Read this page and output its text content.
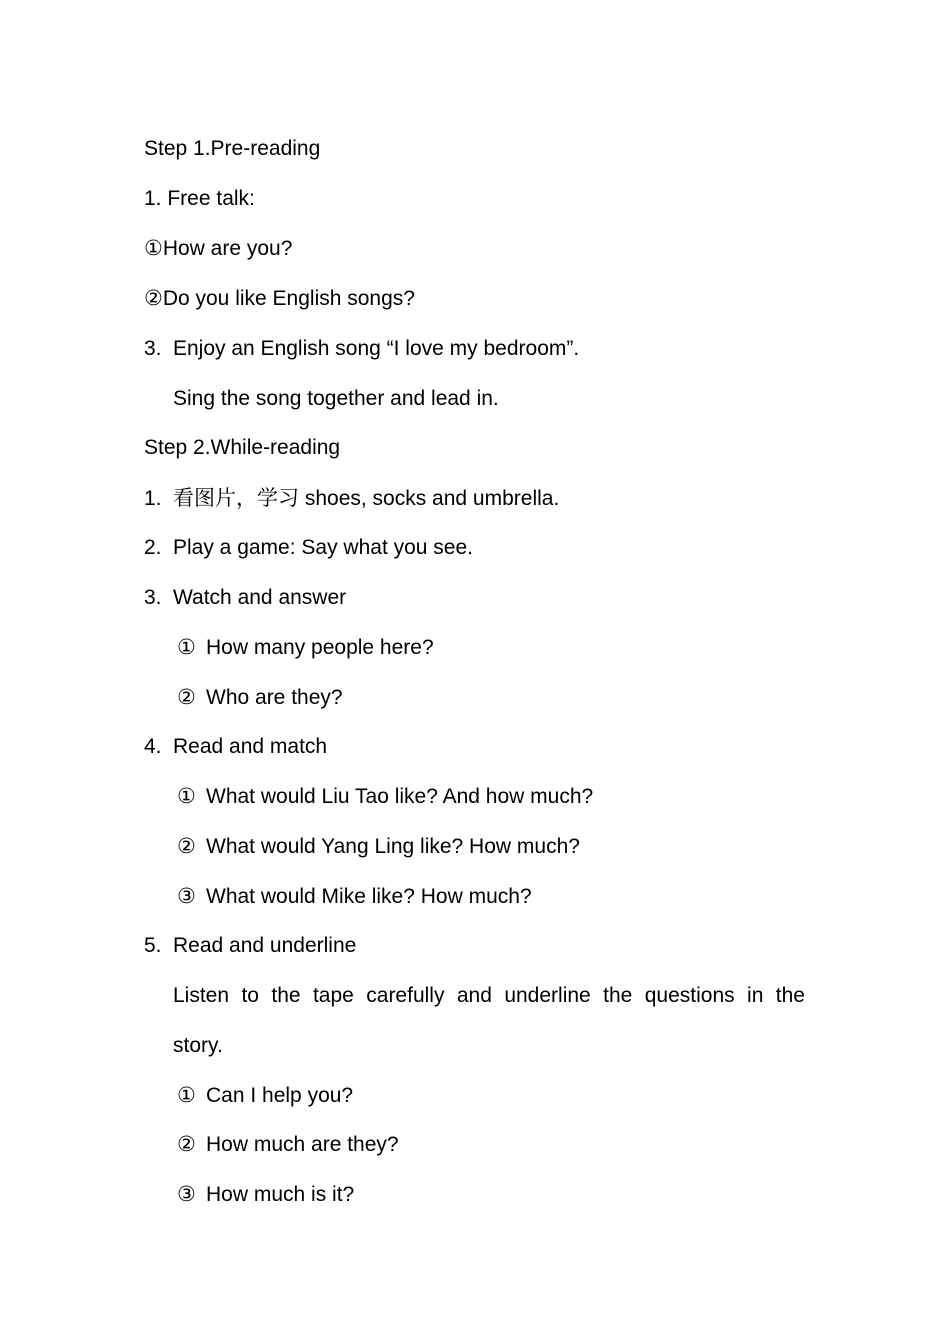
Step 1.Pre-reading
1. Free talk:
①How are you?
②Do you like English songs?
3. Enjoy an English song “I love my bedroom”.
Sing the song together and lead in.
Step 2.While-reading
1. 看图片，学习 shoes, socks and umbrella.
2. Play a game: Say what you see.
3. Watch and answer
① How many people here?
② Who are they?
4. Read and match
① What would Liu Tao like? And how much?
② What would Yang Ling like? How much?
③ What would Mike like? How much?
5. Read and underline
Listen to the tape carefully and underline the questions in the
story.
① Can I help you?
② How much are they?
③ How much is it?
